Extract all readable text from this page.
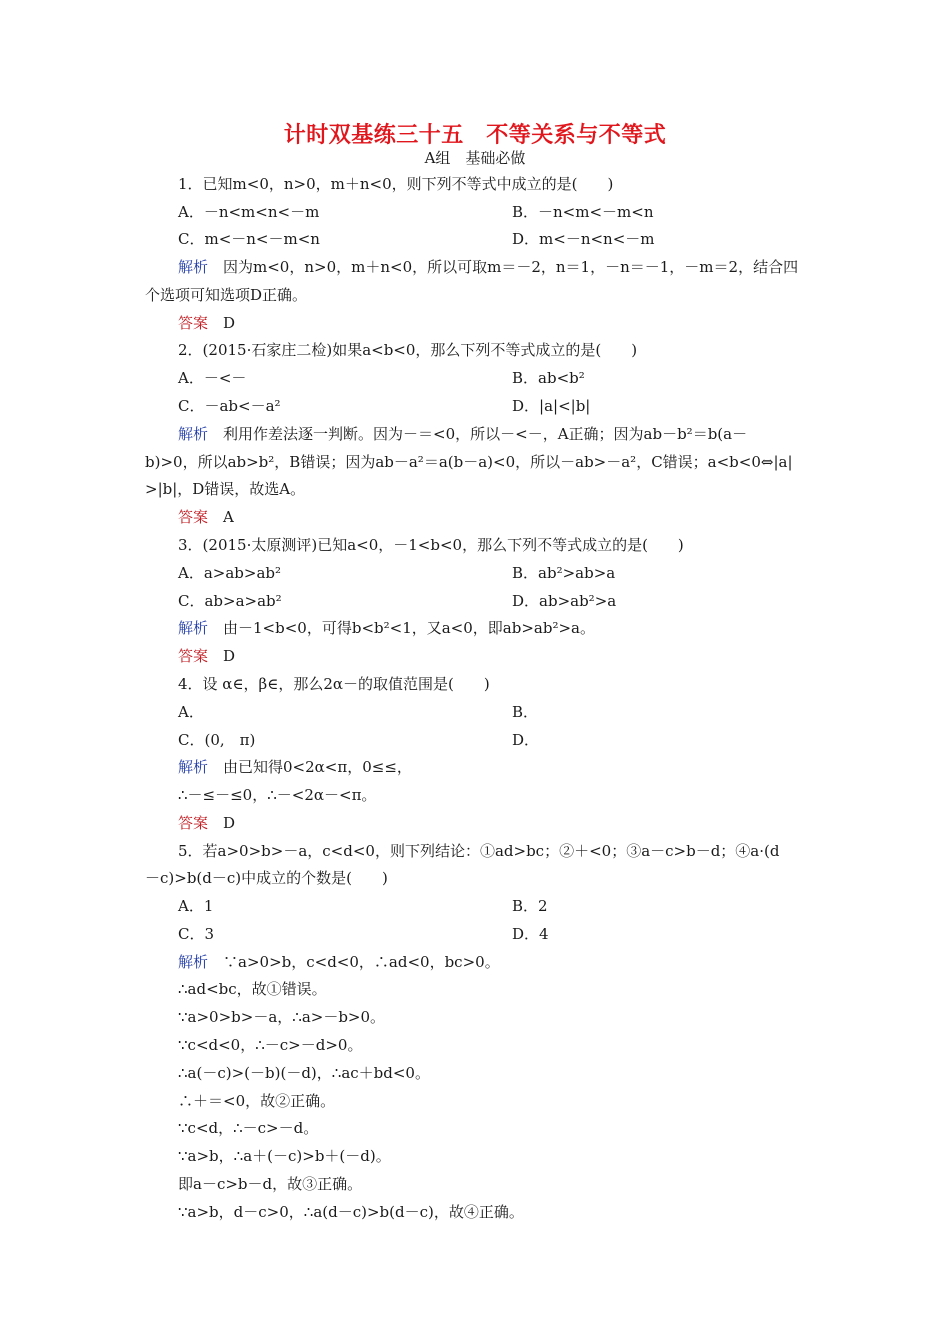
计时双基练三十五　不等关系与不等式
A组　基础必做
1．已知m<0，n>0，m＋n<0，则下列不等式中成立的是(　　)
A．－n<m<n<－m	B．－n<m<－m<n
C．m<－n<－m<n	D．m<－n<n<－m
解析　因为m<0，n>0，m＋n<0，所以可取m＝－2，n＝1，－n＝－1，－m＝2，结合四
个选项可知选项D正确。
答案　D
2．(2015·石家庄二检)如果a<b<0，那么下列不等式成立的是(　　)
A．－<－	B．ab<b²
C．－ab<－a²	D．|a|<|b|
解析　利用作差法逐一判断。因为－＝<0，所以－<－，A正确；因为ab－b²＝b(a－
b)>0，所以ab>b²，B错误；因为ab－a²＝a(b－a)<0，所以－ab>－a²，C错误；a<b<0⇔|a|
>|b|，D错误，故选A。
答案　A
3．(2015·太原测评)已知a<0，－1<b<0，那么下列不等式成立的是(　　)
A．a>ab>ab²	B．ab²>ab>a
C．ab>a>ab²	D．ab>ab²>a
解析　由－1<b<0，可得b<b²<1，又a<0，即ab>ab²>a。
答案　D
4．设 α∈，β∈，那么2α－的取值范围是(　　)
A．	B．
C．(0,　π)	D．
解析　由已知得0<2α<π，0≤≤，
∴－≤－≤0，∴－<2α－<π。
答案　D
5．若a>0>b>－a，c<d<0，则下列结论：①ad>bc；②＋<0；③a－c>b－d；④a·(d
－c)>b(d－c)中成立的个数是(　　)
A．1	B．2
C．3	D．4
解析　∵a>0>b，c<d<0，∴ad<0，bc>0。
∴ad<bc，故①错误。
∵a>0>b>－a，∴a>－b>0。
∵c<d<0，∴－c>－d>0。
∴a(－c)>(－b)(－d)，∴ac＋bd<0。
∴＋＝<0，故②正确。
∵c<d，∴－c>－d。
∵a>b，∴a＋(－c)>b＋(－d)。
即a－c>b－d，故③正确。
∵a>b，d－c>0，∴a(d－c)>b(d－c)，故④正确。
